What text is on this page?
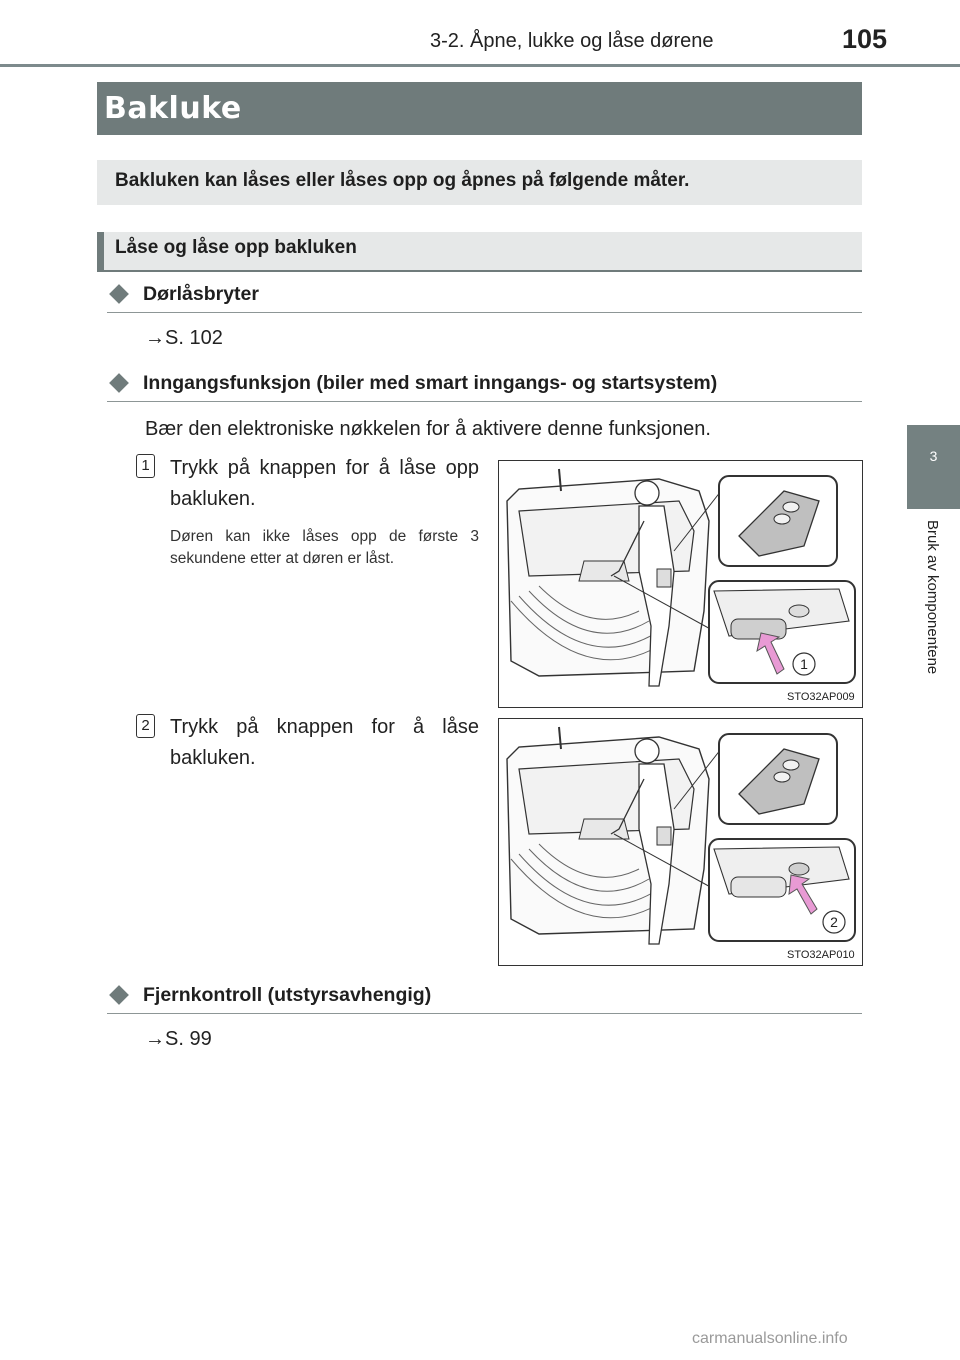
3-2. Åpne, lukke og låse dørene	105
3
Bruk av komponentene
Bakluke
Bakluken kan låses eller låses opp og åpnes på følgende måter.
Låse og låse opp bakluken
Dørlåsbryter
→S. 102
Inngangsfunksjon (biler med smart inngangs- og startsystem)
Bær den elektroniske nøkkelen for å aktivere denne funksjonen.
1 Trykk på knappen for å låse opp bakluken.
Døren kan ikke låses opp de første 3 sekundene etter at døren er låst.
1
STO32AP009
2 Trykk på knappen for å låse bakluken.
2
STO32AP010
Fjernkontroll (utstyrsavhengig)
→S. 99
carmanualsonline.info
